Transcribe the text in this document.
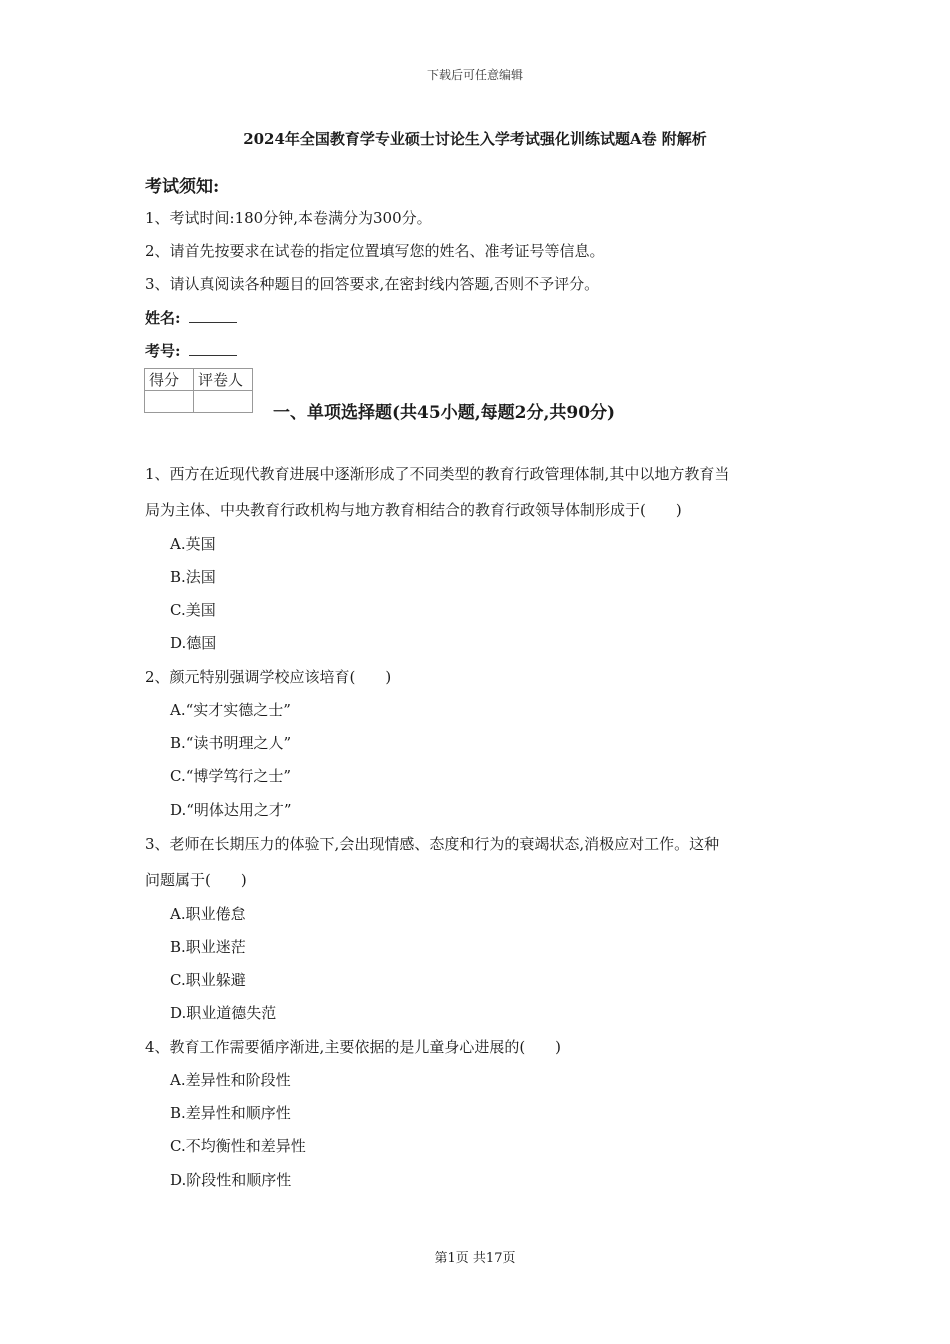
下载后可任意编辑
2024年全国教育学专业硕士讨论生入学考试强化训练试题A卷 附解析
考试须知:
1、考试时间:180分钟,本卷满分为300分。
2、请首先按要求在试卷的指定位置填写您的姓名、准考证号等信息。
3、请认真阅读各种题目的回答要求,在密封线内答题,否则不予评分。
姓名:
考号:
得分	评卷人

一、单项选择题(共45小题,每题2分,共90分)
1、西方在近现代教育进展中逐渐形成了不同类型的教育行政管理体制,其中以地方教育当
局为主体、中央教育行政机构与地方教育相结合的教育行政领导体制形成于(　　)
A.英国
B.法国
C.美国
D.德国
2、颜元特别强调学校应该培育(　　)
A.“实才实德之士”
B.“读书明理之人”
C.“博学笃行之士”
D.“明体达用之才”
3、老师在长期压力的体验下,会出现情感、态度和行为的衰竭状态,消极应对工作。这种
问题属于(　　)
A.职业倦怠
B.职业迷茫
C.职业躲避
D.职业道德失范
4、教育工作需要循序渐进,主要依据的是儿童身心进展的(　　)
A.差异性和阶段性
B.差异性和顺序性
C.不均衡性和差异性
D.阶段性和顺序性
第1页 共17页
